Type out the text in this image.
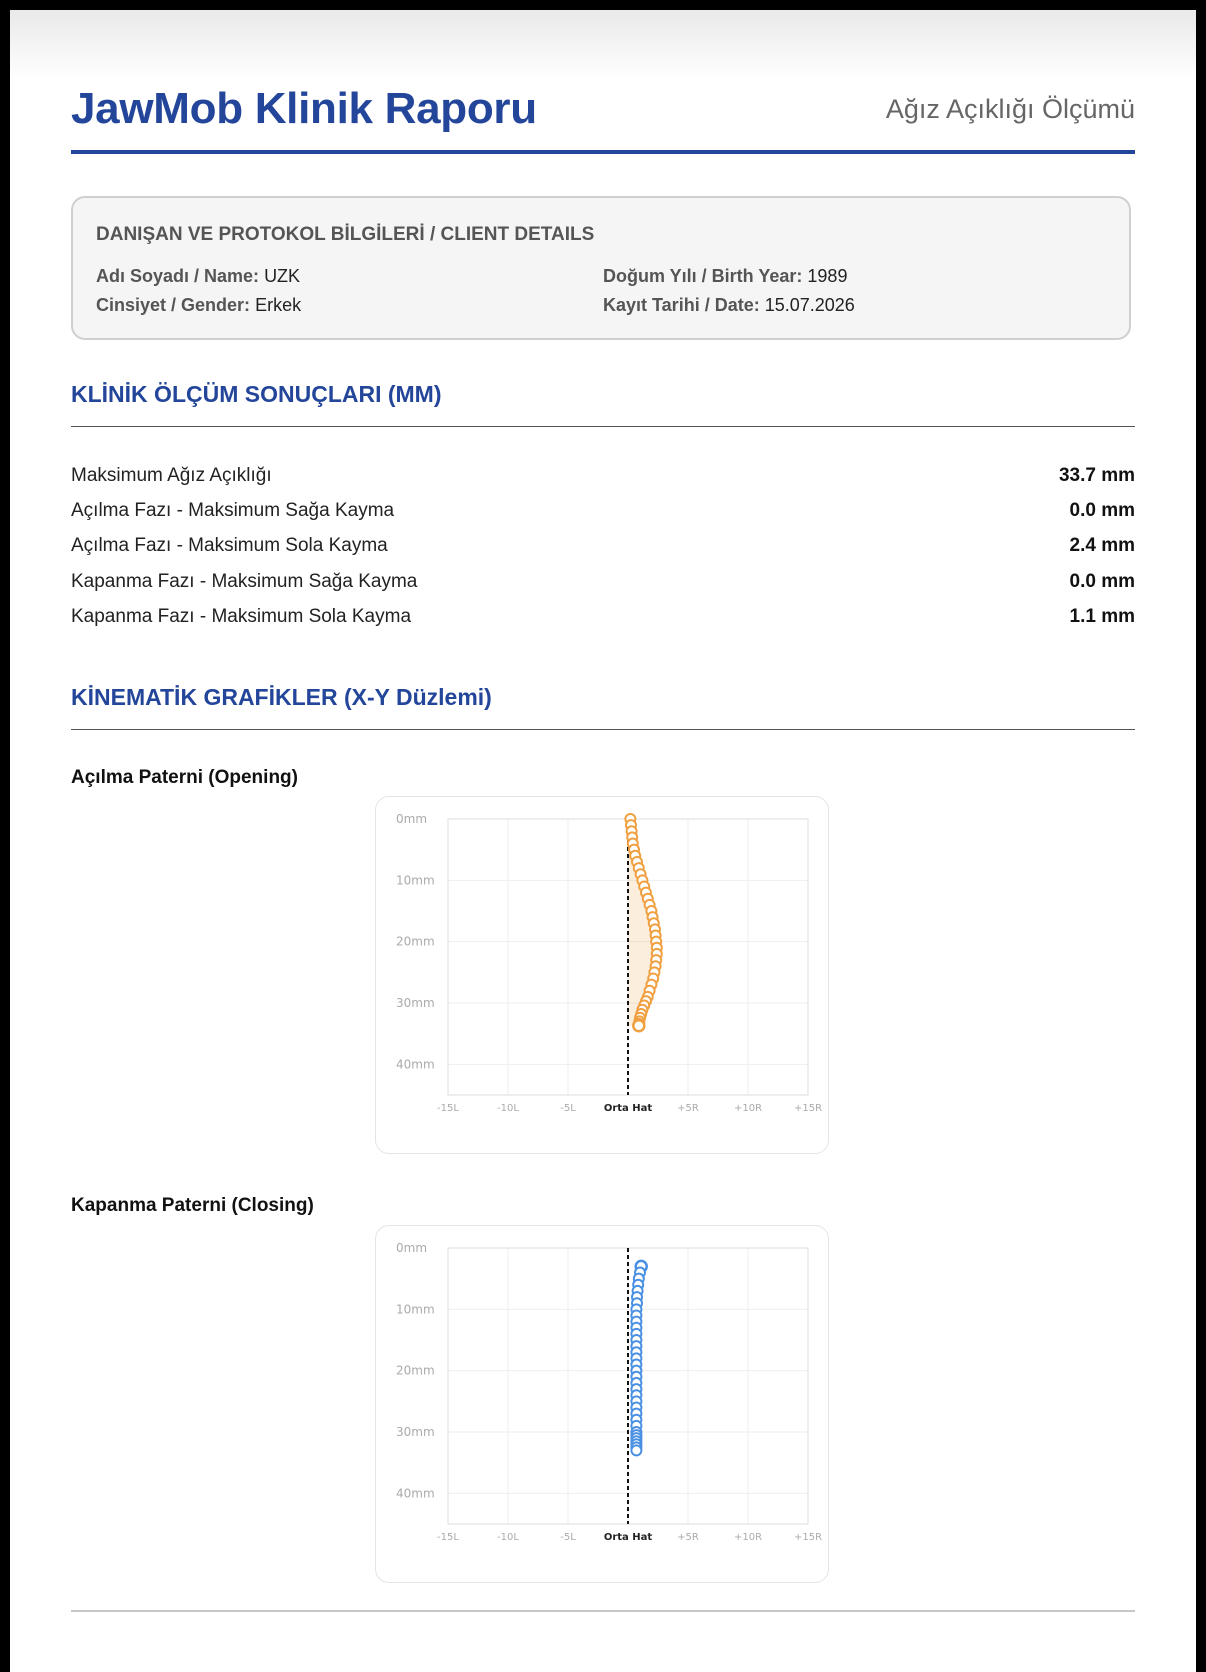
JawMob Klinik Raporu	Ağız Açıklığı Ölçümü
DANIŞAN VE PROTOKOL BİLGİLERİ / CLIENT DETAILS
Adı Soyadı / Name: UZK
Cinsiyet / Gender: Erkek
Doğum Yılı / Birth Year: 1989
Kayıt Tarihi / Date: 15.07.2026
KLİNİK ÖLÇÜM SONUÇLARI (MM)
Maksimum Ağız Açıklığı	33.7 mm
Açılma Fazı - Maksimum Sağa Kayma	0.0 mm
Açılma Fazı - Maksimum Sola Kayma	2.4 mm
Kapanma Fazı - Maksimum Sağa Kayma	0.0 mm
Kapanma Fazı - Maksimum Sola Kayma	1.1 mm
KİNEMATİK GRAFİKLER (X-Y Düzlemi)
Açılma Paterni (Opening)
-15L	-10L	-5L	Orta Hat +5R	+10R	+15R
0mm
10mm
20mm
30mm
40mm
Kapanma Paterni (Closing)
-15L	-10L	-5L	Orta Hat +5R	+10R	+15R
0mm
10mm
20mm
30mm
40mm
